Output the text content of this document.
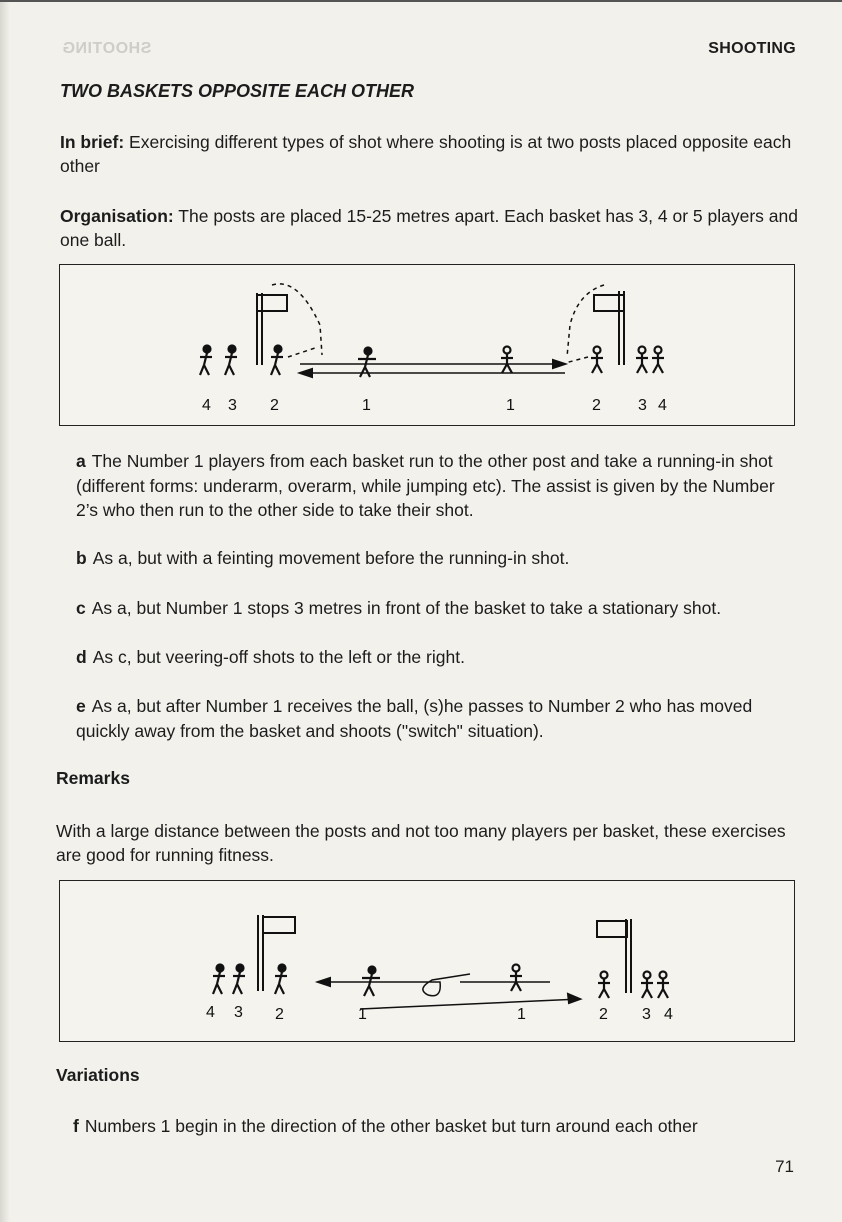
SHOOTING	SHOOTING
TWO BASKETS OPPOSITE EACH OTHER
In brief: Exercising different types of shot where shooting is at two posts placed opposite each other
Organisation: The posts are placed 15-25 metres apart. Each basket has 3, 4 or 5 players and one ball.
4 3 2	1	1	2 3 4
a The Number 1 players from each basket run to the other post and take a running-in shot (different forms: underarm, overarm, while jumping etc). The assist is given by the Number 2’s who then run to the other side to take their shot.
b As a, but with a feinting movement before the running-in shot.
c As a, but Number 1 stops 3 metres in front of the basket to take a stationary shot.
d As c, but veering-off shots to the left or the right.
e As a, but after Number 1 receives the ball, (s)he passes to Number 2 who has moved quickly away from the basket and shoots ("switch" situation).
Remarks
With a large distance between the posts and not too many players per basket, these exercises are good for running fitness.
4 3 2	1	1	2 3 4
Variations
f Numbers 1 begin in the direction of the other basket but turn around each other
71
